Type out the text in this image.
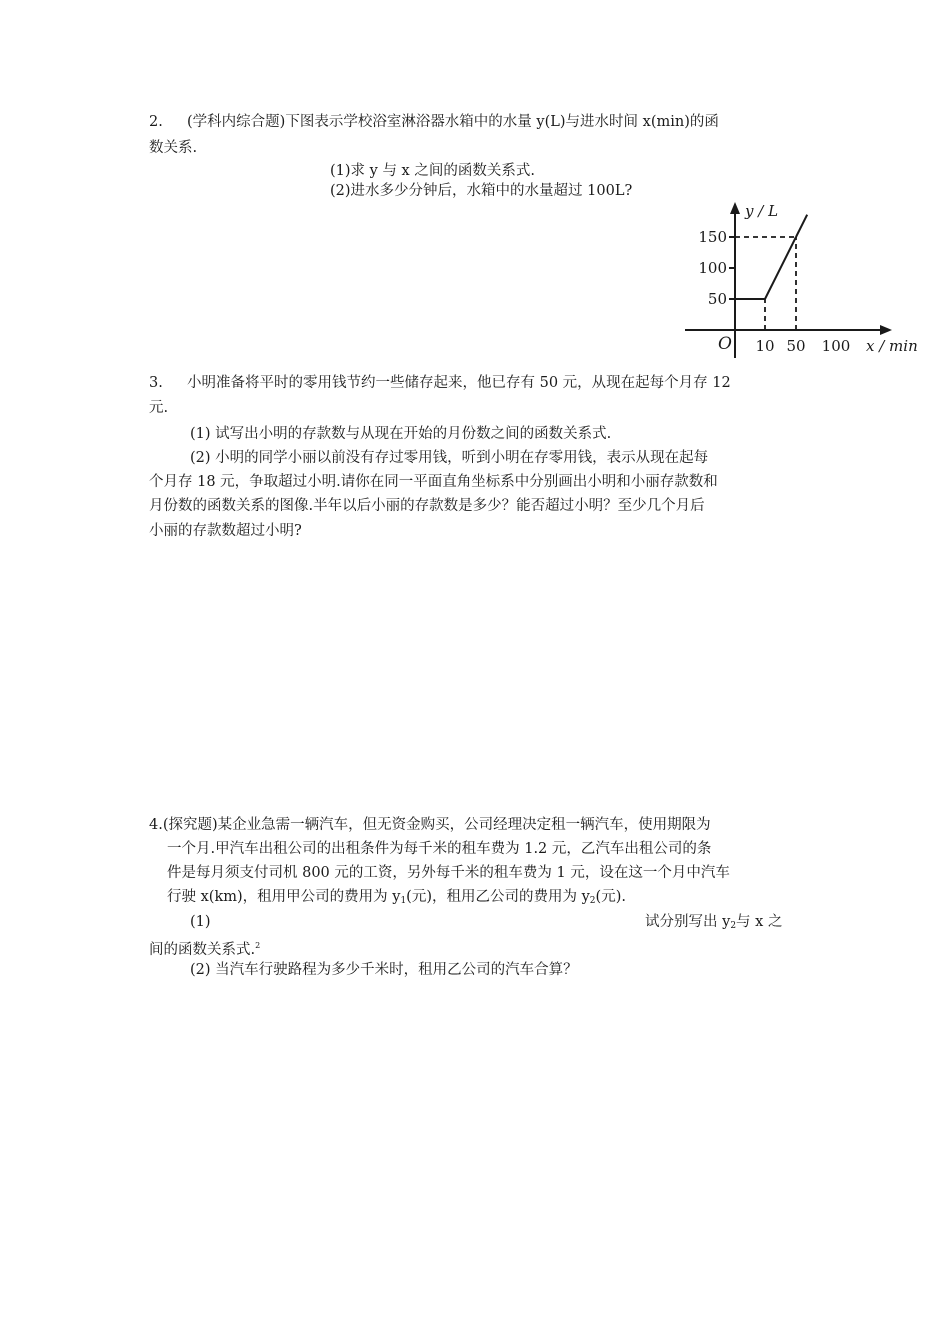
2. (学科内综合题)下图表示学校浴室淋浴器水箱中的水量 y(L)与进水时间 x(min)的函
数关系.
(1)求 y 与 x 之间的函数关系式.
(2)进水多少分钟后，水箱中的水量超过 100L?
150
100
50
10 50 100
y / L
x / min
O
3. 小明准备将平时的零用钱节约一些储存起来，他已存有 50 元，从现在起每个月存 12
元.
(1) 试写出小明的存款数与从现在开始的月份数之间的函数关系式.
(2) 小明的同学小丽以前没有存过零用钱，听到小明在存零用钱，表示从现在起每
个月存 18 元，争取超过小明.请你在同一平面直角坐标系中分别画出小明和小丽存款数和
月份数的函数关系的图像.半年以后小丽的存款数是多少？能否超过小明？至少几个月后
小丽的存款数超过小明?
4.(探究题)某企业急需一辆汽车，但无资金购买，公司经理决定租一辆汽车，使用期限为
一个月.甲汽车出租公司的出租条件为每千米的租车费为 1.2 元，乙汽车出租公司的条
件是每月须支付司机 800 元的工资，另外每千米的租车费为 1 元，设在这一个月中汽车
行驶 x(km)，租用甲公司的费用为 $y_1$(元)，租用乙公司的费用为 $y_2$(元).
(1)	试分别写出 $y_2$与 x 之
间的函数关系式.$^2$
(2) 当汽车行驶路程为多少千米时，租用乙公司的汽车合算？
